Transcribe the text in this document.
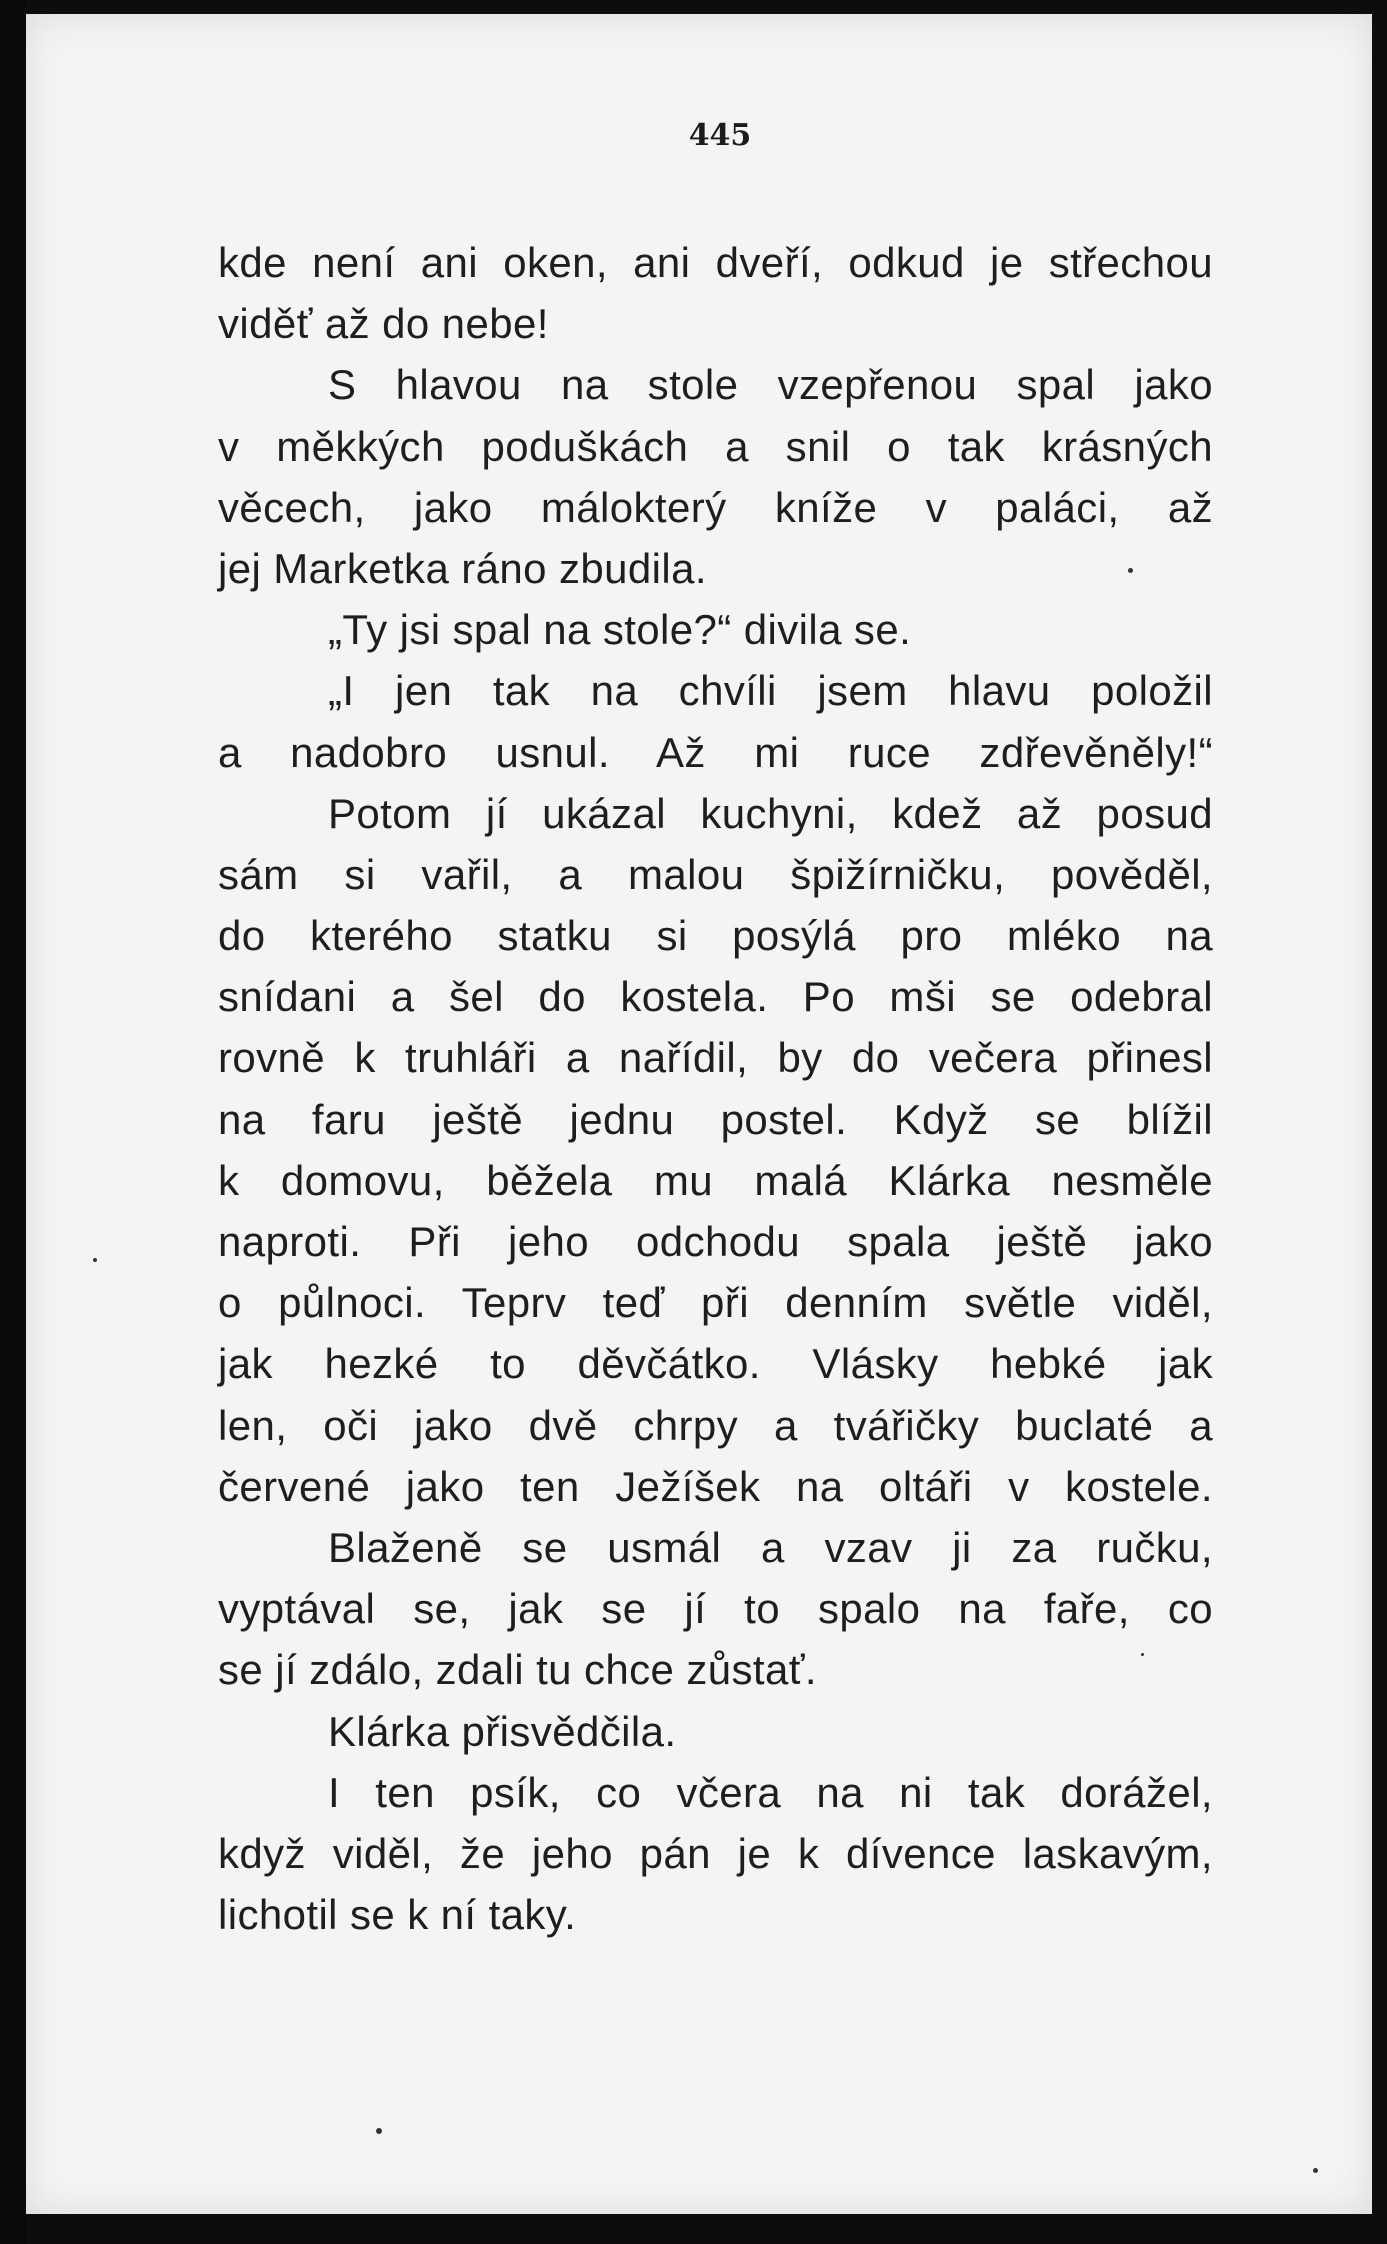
445
kde není ani oken, ani dveří, odkud je střechou
viděť až do nebe!
S hlavou na stole vzepřenou spal jako
v měkkých poduškách a snil o tak krásných
věcech, jako málokterý kníže v paláci, až
jej Marketka ráno zbudila.
„Ty jsi spal na stole?“ divila se.
„I jen tak na chvíli jsem hlavu položil
a nadobro usnul. Až mi ruce zdřevěněly!“
Potom jí ukázal kuchyni, kdež až posud
sám si vařil, a malou špižírničku, pověděl,
do kterého statku si posýlá pro mléko na
snídani a šel do kostela. Po mši se odebral
rovně k truhláři a nařídil, by do večera přinesl
na faru ještě jednu postel. Když se blížil
k domovu, běžela mu malá Klárka nesměle
naproti. Při jeho odchodu spala ještě jako
o půlnoci. Teprv teď při denním světle viděl,
jak hezké to děvčátko. Vlásky hebké jak
len, oči jako dvě chrpy a tvářičky buclaté a
červené jako ten Ježíšek na oltáři v kostele.
Blaženě se usmál a vzav ji za ručku,
vyptával se, jak se jí to spalo na faře, co
se jí zdálo, zdali tu chce zůstať.
Klárka přisvědčila.
I ten psík, co včera na ni tak dorážel,
když viděl, že jeho pán je k dívence laskavým,
lichotil se k ní taky.
